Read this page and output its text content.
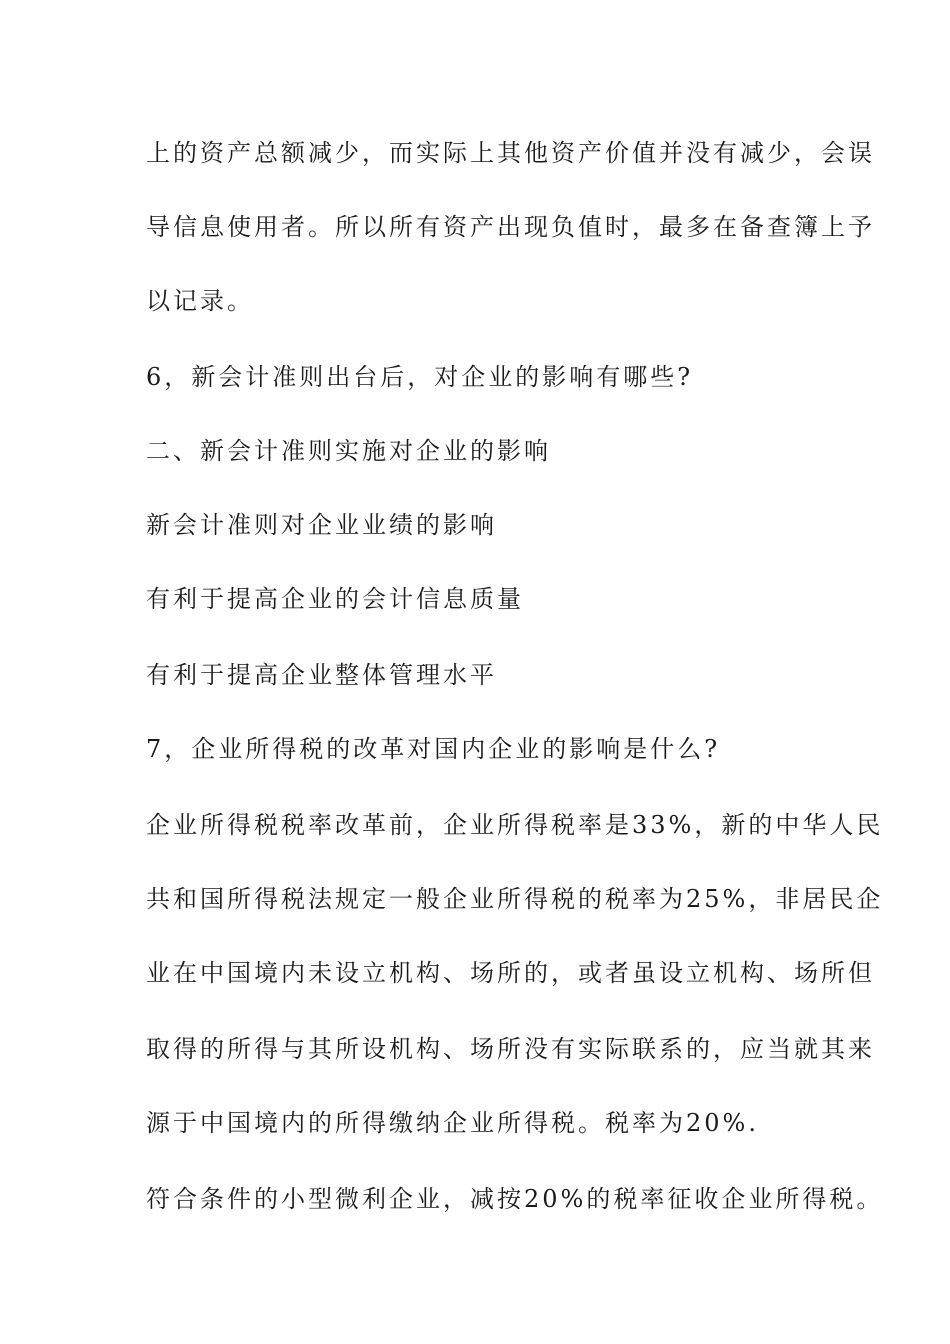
上的资产总额减少，而实际上其他资产价值并没有减少，会误
导信息使用者。所以所有资产出现负值时，最多在备查簿上予
以记录。
6，新会计准则出台后，对企业的影响有哪些?
二、新会计准则实施对企业的影响
新会计准则对企业业绩的影响
有利于提高企业的会计信息质量
有利于提高企业整体管理水平
7，企业所得税的改革对国内企业的影响是什么?
企业所得税税率改革前，企业所得税率是33%，新的中华人民
共和国所得税法规定一般企业所得税的税率为25%，非居民企
业在中国境内未设立机构、场所的，或者虽设立机构、场所但
取得的所得与其所设机构、场所没有实际联系的，应当就其来
源于中国境内的所得缴纳企业所得税。税率为20%.
符合条件的小型微利企业，减按20%的税率征收企业所得税。
